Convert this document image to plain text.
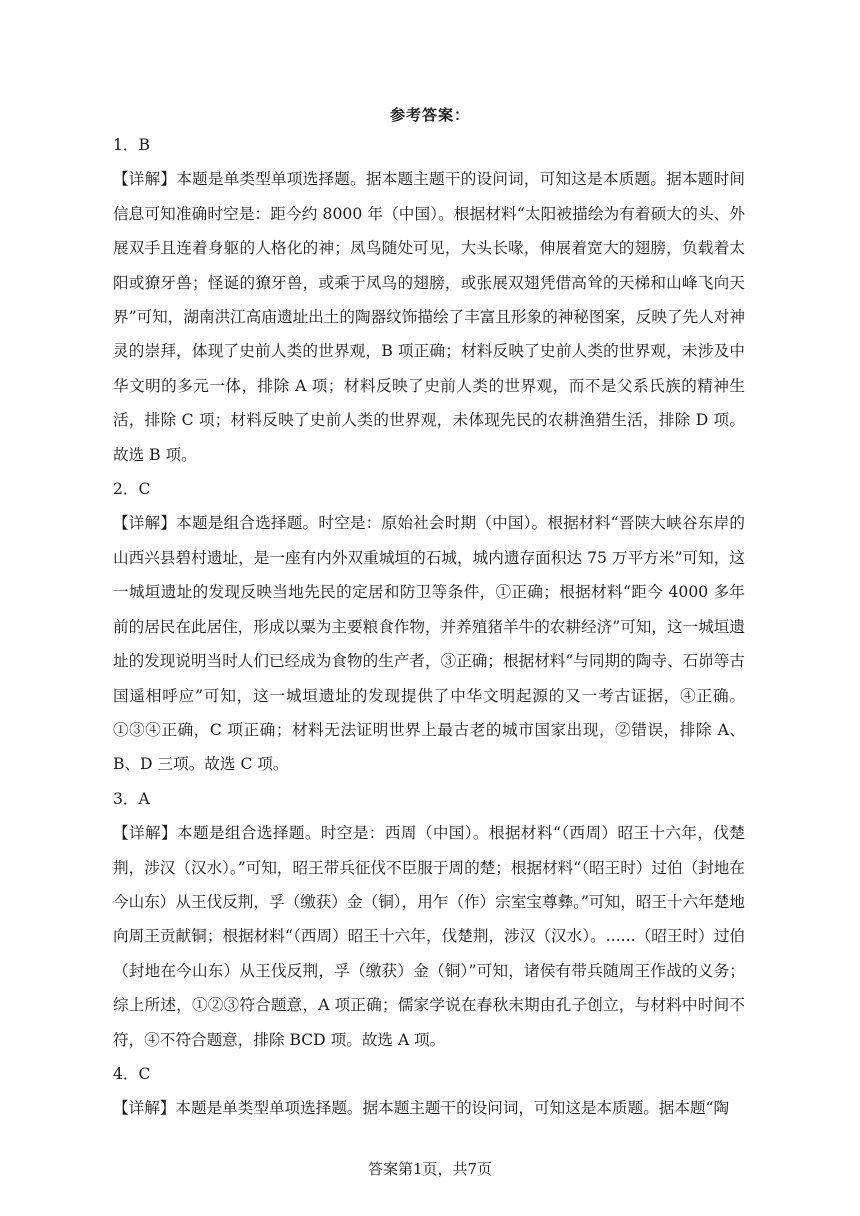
参考答案：
1．B
【详解】本题是单类型单项选择题。据本题主题干的设问词，可知这是本质题。据本题时间信息可知准确时空是：距今约 8000 年（中国）。根据材料“太阳被描绘为有着硕大的头、外展双手且连着身躯的人格化的神；凤鸟随处可见，大头长喙，伸展着宽大的翅膀，负载着太阳或獠牙兽；怪诞的獠牙兽，或乘于凤鸟的翅膀，或张展双翅凭借高耸的天梯和山峰飞向天界”可知，湖南洪江高庙遗址出土的陶器纹饰描绘了丰富且形象的神秘图案，反映了先人对神灵的崇拜，体现了史前人类的世界观，B 项正确；材料反映了史前人类的世界观，未涉及中华文明的多元一体，排除 A 项；材料反映了史前人类的世界观，而不是父系氏族的精神生活，排除 C 项；材料反映了史前人类的世界观，未体现先民的农耕渔猎生活，排除 D 项。故选 B 项。
2．C
【详解】本题是组合选择题。时空是：原始社会时期（中国）。根据材料“晋陕大峡谷东岸的山西兴县碧村遗址，是一座有内外双重城垣的石城，城内遗存面积达 75 万平方米”可知，这一城垣遗址的发现反映当地先民的定居和防卫等条件，①正确；根据材料“距今 4000 多年前的居民在此居住，形成以粟为主要粮食作物，并养殖猪羊牛的农耕经济”可知，这一城垣遗址的发现说明当时人们已经成为食物的生产者，③正确；根据材料“与同期的陶寺、石峁等古国遥相呼应”可知，这一城垣遗址的发现提供了中华文明起源的又一考古证据，④正确。①③④正确，C 项正确；材料无法证明世界上最古老的城市国家出现，②错误，排除 A、B、D 三项。故选 C 项。
3．A
【详解】本题是组合选择题。时空是：西周（中国）。根据材料“（西周）昭王十六年，伐楚荆，涉汉（汉水）。”可知，昭王带兵征伐不臣服于周的楚；根据材料“（昭王时）过伯（封地在今山东）从王伐反荆，孚（缴获）金（铜），用乍（作）宗室宝尊彝。”可知，昭王十六年楚地向周王贡献铜；根据材料“（西周）昭王十六年，伐楚荆，涉汉（汉水）。......（昭王时）过伯（封地在今山东）从王伐反荆，孚（缴获）金（铜）”可知，诸侯有带兵随周王作战的义务；综上所述，①②③符合题意，A 项正确；儒家学说在春秋末期由孔子创立，与材料中时间不符，④不符合题意，排除 BCD 项。故选 A 项。
4．C
【详解】本题是单类型单项选择题。据本题主题干的设问词，可知这是本质题。据本题“陶
答案第1页，共7页
